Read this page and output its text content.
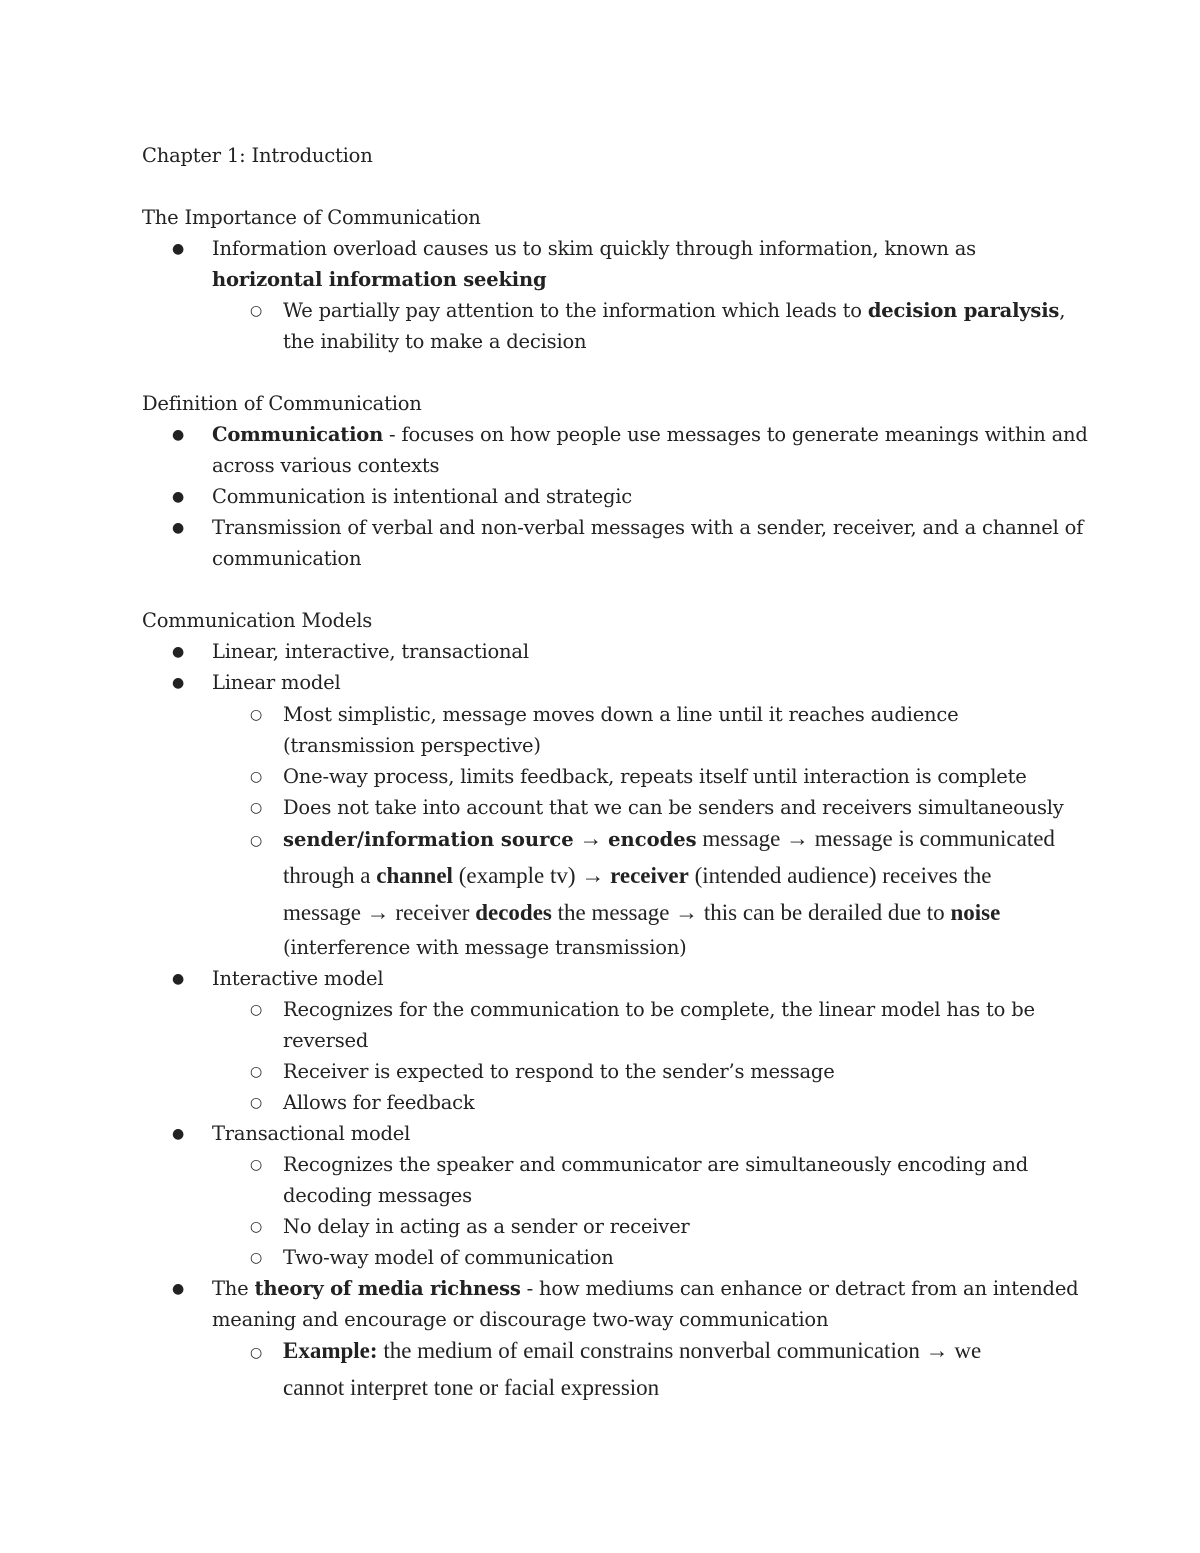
Chapter 1: Introduction
The Importance of Communication
● Information overload causes us to skim quickly through information, known as
horizontal information seeking
○ We partially pay attention to the information which leads to decision paralysis,
the inability to make a decision
Definition of Communication
● Communication - focuses on how people use messages to generate meanings within and
across various contexts
● Communication is intentional and strategic
● Transmission of verbal and non-verbal messages with a sender, receiver, and a channel of
communication
Communication Models
● Linear, interactive, transactional
● Linear model
○ Most simplistic, message moves down a line until it reaches audience
(transmission perspective)
○ One-way process, limits feedback, repeats itself until interaction is complete
○ Does not take into account that we can be senders and receivers simultaneously
○ sender/information source → encodes message → message is communicated
through a channel (example tv) → receiver (intended audience) receives the
message → receiver decodes the message → this can be derailed due to noise
(interference with message transmission)
● Interactive model
○ Recognizes for the communication to be complete, the linear model has to be
reversed
○ Receiver is expected to respond to the sender’s message
○ Allows for feedback
● Transactional model
○ Recognizes the speaker and communicator are simultaneously encoding and
decoding messages
○ No delay in acting as a sender or receiver
○ Two-way model of communication
● The theory of media richness - how mediums can enhance or detract from an intended
meaning and encourage or discourage two-way communication
○ Example: the medium of email constrains nonverbal communication → we
cannot interpret tone or facial expression
